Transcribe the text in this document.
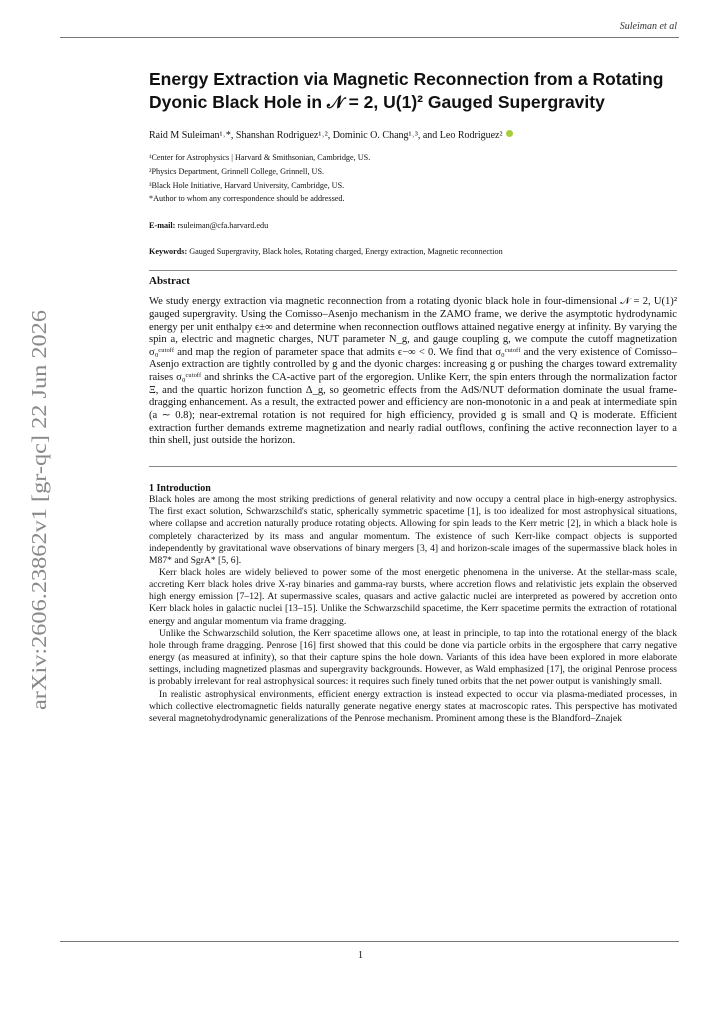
arXiv:2606.23862v1 [gr-qc] 22 Jun 2026
Suleiman et al
Energy Extraction via Magnetic Reconnection from a Rotating
Dyonic Black Hole in 𝒩 = 2, U(1)² Gauged Supergravity
Raid M Suleiman¹˒*, Shanshan Rodriguez¹˒², Dominic O. Chang¹˒³, and Leo Rodriguez²
¹Center for Astrophysics | Harvard & Smithsonian, Cambridge, US.
²Physics Department, Grinnell College, Grinnell, US.
³Black Hole Initiative, Harvard University, Cambridge, US.
*Author to whom any correspondence should be addressed.
E-mail: rsuleiman@cfa.harvard.edu
Keywords: Gauged Supergravity, Black holes, Rotating charged, Energy extraction, Magnetic reconnection
Abstract
We study energy extraction via magnetic reconnection from a rotating dyonic black hole in four-dimensional 𝒩 = 2, U(1)² gauged supergravity. Using the Comisso–Asenjo mechanism in the ZAMO frame, we derive the asymptotic hydrodynamic energy per unit enthalpy ϵ±∞ and determine when reconnection outflows attained negative energy at infinity. By varying the spin a, electric and magnetic charges, NUT parameter N_g, and gauge coupling g, we compute the cutoff magnetization σ₀ᶜᵘᵗᵒᶠᶠ and map the region of parameter space that admits ϵ−∞ < 0. We find that σ₀ᶜᵘᵗᵒᶠᶠ and the very existence of Comisso–Asenjo extraction are tightly controlled by g and the dyonic charges: increasing g or pushing the charges toward extremality raises σ₀ᶜᵘᵗᵒᶠᶠ and shrinks the CA-active part of the ergoregion. Unlike Kerr, the spin enters through the normalization factor Ξ, and the quartic horizon function Δ_g, so geometric effects from the AdS/NUT deformation dominate the usual frame-dragging enhancement. As a result, the extracted power and efficiency are non-monotonic in a and peak at intermediate spin (a ∼ 0.8); near-extremal rotation is not required for high efficiency, provided g is small and Q is moderate. Efficient extraction further demands extreme magnetization and nearly radial outflows, confining the active reconnection layer to a thin shell, just outside the horizon.
1 Introduction

Black holes are among the most striking predictions of general relativity and now occupy a central place in high-energy astrophysics. The first exact solution, Schwarzschild's static, spherically symmetric spacetime [1], is too idealized for most astrophysical situations, where collapse and accretion naturally produce rotating objects. Allowing for spin leads to the Kerr metric [2], in which a black hole is completely characterized by its mass and angular momentum. The existence of such Kerr-like compact objects is supported independently by gravitational wave observations of binary mergers [3, 4] and horizon-scale images of the supermassive black holes in M87* and SgrA* [5, 6].

Kerr black holes are widely believed to power some of the most energetic phenomena in the universe. At the stellar-mass scale, accreting Kerr black holes drive X-ray binaries and gamma-ray bursts, where accretion flows and relativistic jets explain the observed high energy emission [7–12]. At supermassive scales, quasars and active galactic nuclei are interpreted as powered by accretion onto Kerr black holes in galactic nuclei [13–15]. Unlike the Schwarzschild spacetime, the Kerr spacetime permits the extraction of rotational energy and angular momentum via frame dragging.

Unlike the Schwarzschild solution, the Kerr spacetime allows one, at least in principle, to tap into the rotational energy of the black hole through frame dragging. Penrose [16] first showed that this could be done via particle orbits in the ergosphere that carry negative energy (as measured at infinity), so that their capture spins the hole down. Variants of this idea have been explored in more elaborate settings, including magnetized plasmas and supergravity backgrounds. However, as Wald emphasized [17], the original Penrose process is probably irrelevant for real astrophysical sources: it requires such finely tuned orbits that the net power output is vanishingly small.

In realistic astrophysical environments, efficient energy extraction is instead expected to occur via plasma-mediated processes, in which collective electromagnetic fields naturally generate negative energy states at macroscopic rates. This perspective has motivated several magnetohydrodynamic generalizations of the Penrose mechanism. Prominent among these is the Blandford–Znajek

1
